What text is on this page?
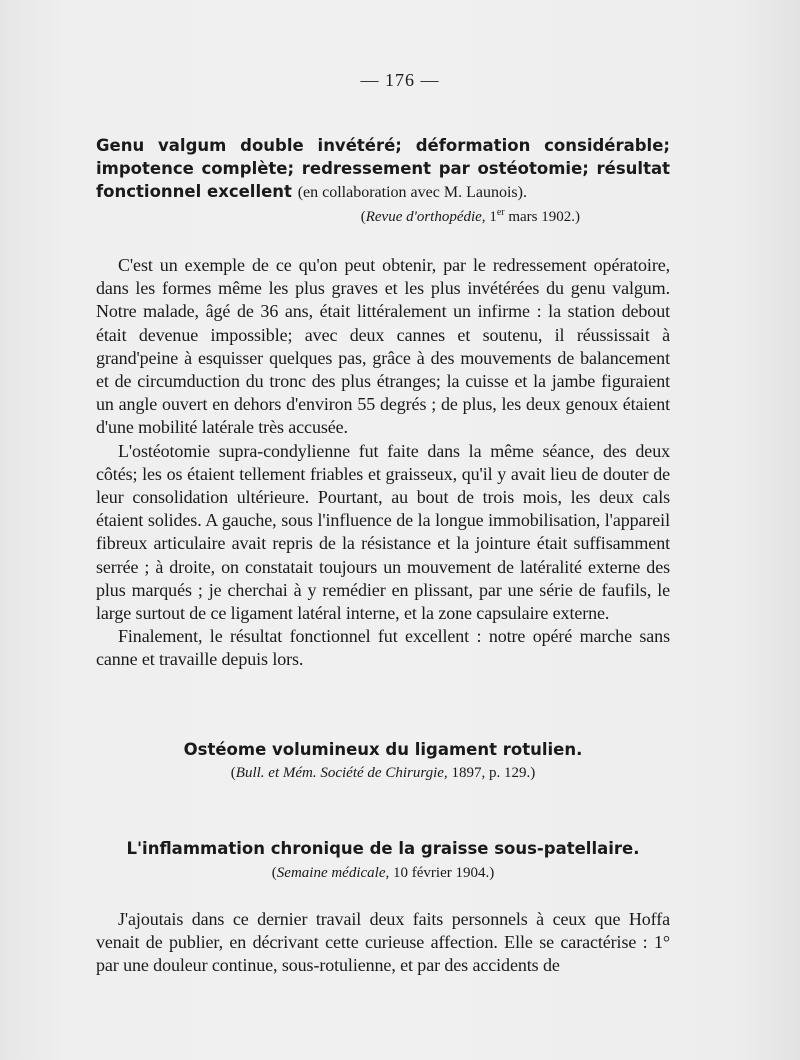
— 176 —

Genu valgum double invétéré; déformation considérable; impotence complète; redressement par ostéotomie; résultat fonctionnel excellent (en collaboration avec M. Launois).

(Revue d'orthopédie, 1er mars 1902.)

C'est un exemple de ce qu'on peut obtenir, par le redressement opératoire, dans les formes même les plus graves et les plus invétérées du genu valgum. Notre malade, âgé de 36 ans, était littéralement un infirme : la station debout était devenue impossible; avec deux cannes et soutenu, il réussissait à grand'peine à esquisser quelques pas, grâce à des mouvements de balancement et de circumduction du tronc des plus étranges; la cuisse et la jambe figuraient un angle ouvert en dehors d'environ 55 degrés ; de plus, les deux genoux étaient d'une mobilité latérale très accusée.

L'ostéotomie supra-condylienne fut faite dans la même séance, des deux côtés; les os étaient tellement friables et graisseux, qu'il y avait lieu de douter de leur consolidation ultérieure. Pourtant, au bout de trois mois, les deux cals étaient solides. A gauche, sous l'influence de la longue immobilisation, l'appareil fibreux articulaire avait repris de la résistance et la jointure était suffisamment serrée ; à droite, on constatait toujours un mouvement de latéralité externe des plus marqués ; je cherchai à y remédier en plissant, par une série de faufils, le large surtout de ce ligament latéral interne, et la zone capsulaire externe.

Finalement, le résultat fonctionnel fut excellent : notre opéré marche sans canne et travaille depuis lors.

Ostéome volumineux du ligament rotulien.

(Bull. et Mém. Société de Chirurgie, 1897, p. 129.)

L'inflammation chronique de la graisse sous-patellaire.

(Semaine médicale, 10 février 1904.)

J'ajoutais dans ce dernier travail deux faits personnels à ceux que Hoffa venait de publier, en décrivant cette curieuse affection. Elle se caractérise : 1° par une douleur continue, sous-rotulienne, et par des accidents de
